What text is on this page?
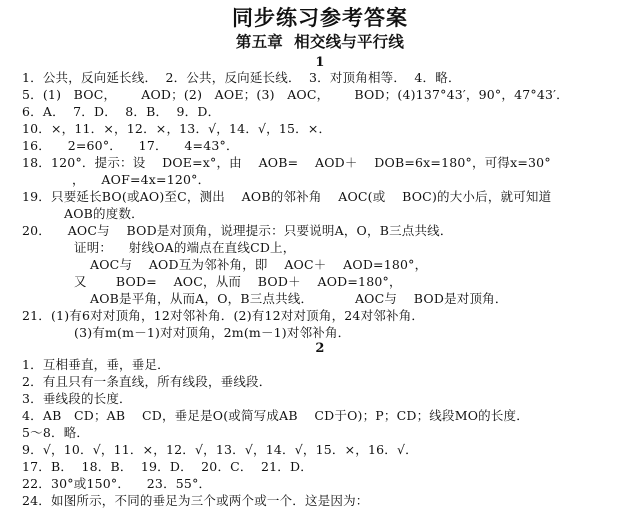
同步练习参考答案
第五章  相交线与平行线
1
1．公共，反向延长线．  2．公共，反向延长线．  3．对顶角相等．  4．略．
5．(1)   BOC，      AOD；(2)   AOE；(3)   AOC，      BOD；(4)137°43′，90°，47°43′．
6．A．  7．D．  8．B．  9．D．
10．×，11．×，12．×，13．√，14．√，15．×．
16．    2=60°．    17．    4=43°．
18．120°．提示：设    DOE=x°，由    AOB=    AOD＋    DOB=6x=180°，可得x=30°
，    AOF=4x=120°．
19．只要延长BO(或AO)至C，测出    AOB的邻补角    AOC(或    BOC)的大小后，就可知道
AOB的度数．
20．    AOC与    BOD是对顶角，说理提示：只要说明A，O，B三点共线．
证明：    射线OA的端点在直线CD上，
AOC与    AOD互为邻补角，即    AOC＋    AOD=180°，
又       BOD=    AOC，从而    BOD＋    AOD=180°，
AOB是平角，从而A，O，B三点共线．          AOC与    BOD是对顶角．
21．(1)有6对对顶角，12对邻补角．(2)有12对对顶角，24对邻补角．
(3)有m(m－1)对对顶角，2m(m－1)对邻补角．
2
1．互相垂直，垂，垂足．
2．有且只有一条直线，所有线段，垂线段．
3．垂线段的长度．
4．AB   CD；AB    CD，垂足是O(或简写成AB    CD于O)；P；CD；线段MO的长度．
5～8．略．
9．√，10．√，11．×，12．√，13．√，14．√，15．×，16．√．
17．B．  18．B．  19．D．  20．C．  21．D．
22．30°或150°．    23．55°．
24．如图所示，不同的垂足为三个或两个或一个．这是因为：
